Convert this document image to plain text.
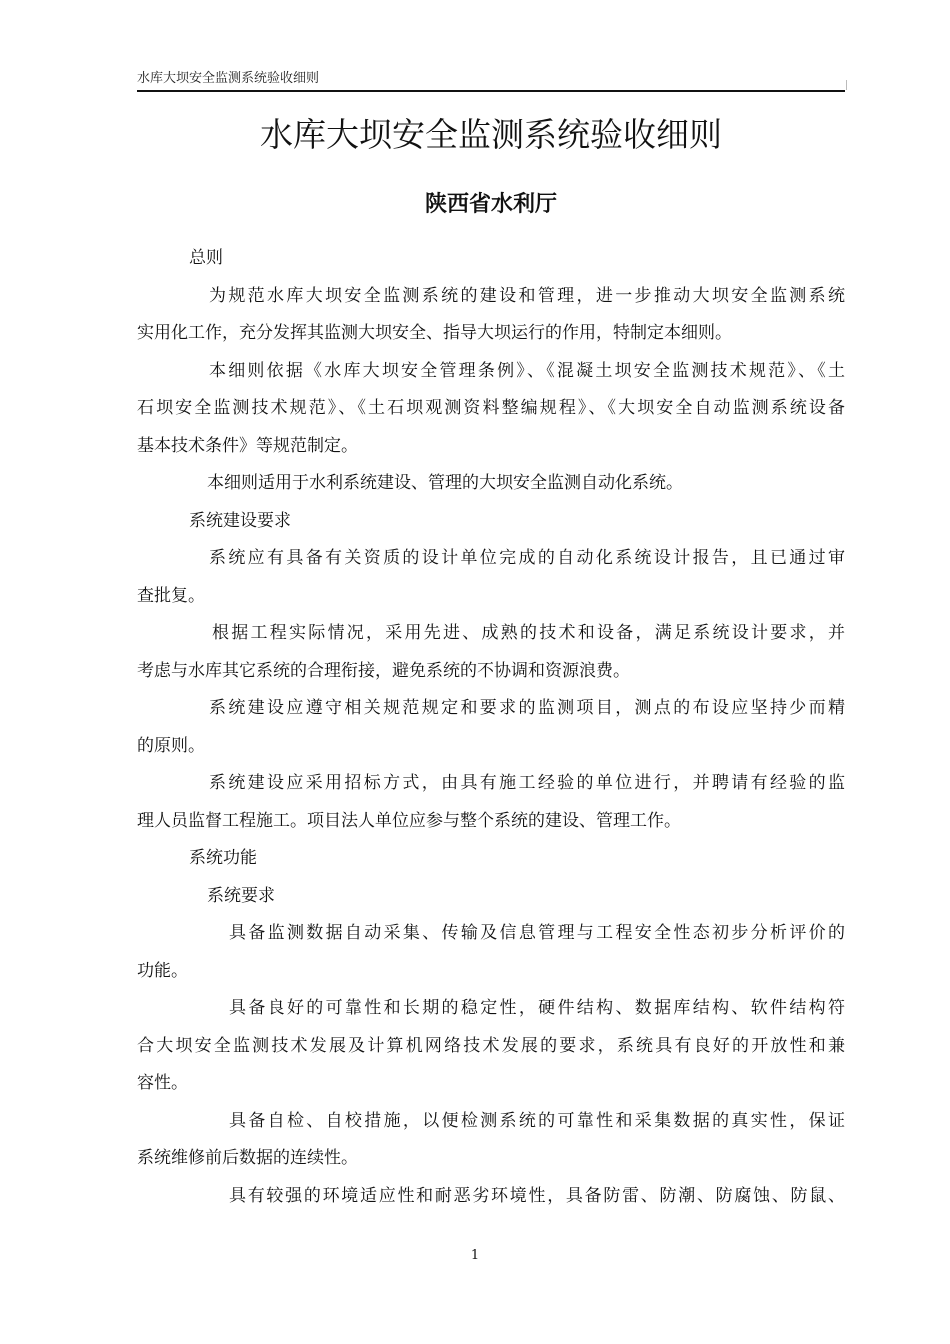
水库大坝安全监测系统验收细则
水库大坝安全监测系统验收细则
陕西省水利厅
总则
为规范水库大坝安全监测系统的建设和管理，进一步推动大坝安全监测系统
实用化工作，充分发挥其监测大坝安全、指导大坝运行的作用，特制定本细则。
本细则依据《水库大坝安全管理条例》、《混凝土坝安全监测技术规范》、《土
石坝安全监测技术规范》、《土石坝观测资料整编规程》、《大坝安全自动监测系统设备
基本技术条件》等规范制定。
本细则适用于水利系统建设、管理的大坝安全监测自动化系统。
系统建设要求
系统应有具备有关资质的设计单位完成的自动化系统设计报告，且已通过审
查批复。
根据工程实际情况，采用先进、成熟的技术和设备，满足系统设计要求，并
考虑与水库其它系统的合理衔接，避免系统的不协调和资源浪费。
系统建设应遵守相关规范规定和要求的监测项目，测点的布设应坚持少而精
的原则。
系统建设应采用招标方式，由具有施工经验的单位进行，并聘请有经验的监
理人员监督工程施工。项目法人单位应参与整个系统的建设、管理工作。
系统功能
系统要求
具备监测数据自动采集、传输及信息管理与工程安全性态初步分析评价的
功能。
具备良好的可靠性和长期的稳定性，硬件结构、数据库结构、软件结构符
合大坝安全监测技术发展及计算机网络技术发展的要求，系统具有良好的开放性和兼
容性。
具备自检、自校措施，以便检测系统的可靠性和采集数据的真实性，保证
系统维修前后数据的连续性。
具有较强的环境适应性和耐恶劣环境性，具备防雷、防潮、防腐蚀、防鼠、
1
